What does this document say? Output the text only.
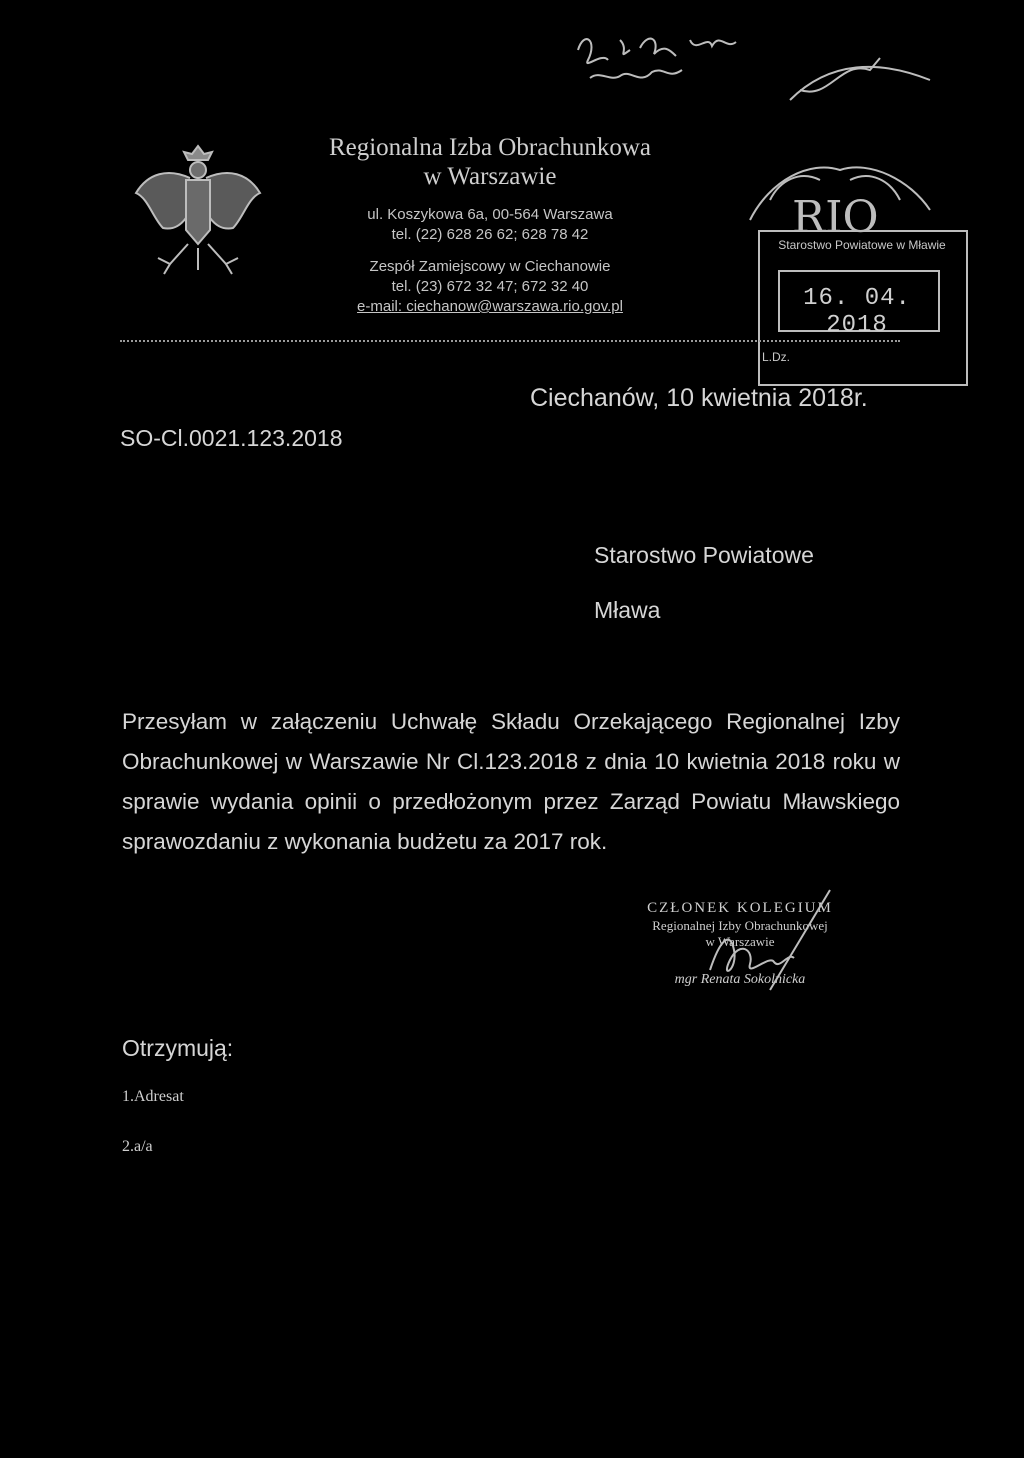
Regionalna Izba Obrachunkowa
w Warszawie
ul. Koszykowa 6a, 00-564 Warszawa
tel. (22) 628 26 62; 628 78 42
Zespół Zamiejscowy w Ciechanowie
tel. (23) 672 32 47; 672 32 40
e-mail: ciechanow@warszawa.rio.gov.pl
RIO
Starostwo Powiatowe w Mławie
16. 04. 2018
L.Dz.
Ciechanów, 10 kwietnia 2018r.
SO-Cl.0021.123.2018
Starostwo Powiatowe
Mława
Przesyłam w załączeniu Uchwałę Składu Orzekającego Regionalnej Izby Obrachunkowej w Warszawie Nr Cl.123.2018 z dnia 10 kwietnia 2018 roku w sprawie wydania opinii o przedłożonym przez Zarząd Powiatu Mławskiego sprawozdaniu z wykonania budżetu za 2017 rok.
CZŁONEK KOLEGIUM
Regionalnej Izby Obrachunkowej
w Warszawie
mgr Renata Sokolnicka
Otrzymują:
1.Adresat
2.a/a
